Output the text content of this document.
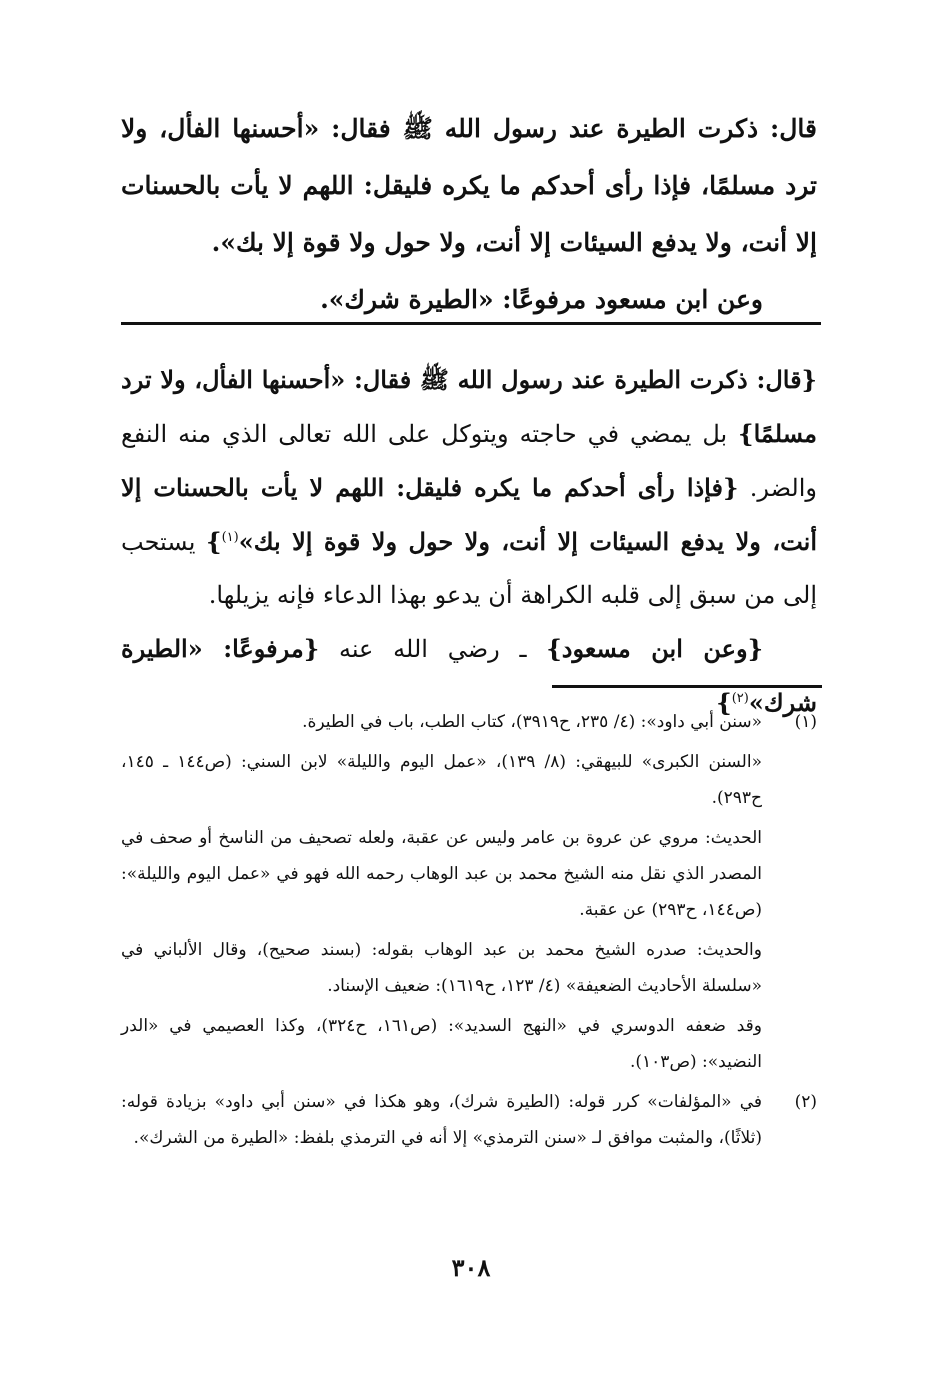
قال: ذكرت الطيرة عند رسول الله ﷺ فقال: «أحسنها الفأل، ولا ترد مسلمًا، فإذا رأى أحدكم ما يكره فليقل: اللهم لا يأت بالحسنات إلا أنت، ولا يدفع السيئات إلا أنت، ولا حول ولا قوة إلا بك».

وعن ابن مسعود مرفوعًا: «الطيرة شرك».

{قال: ذكرت الطيرة عند رسول الله ﷺ فقال: «أحسنها الفأل، ولا ترد مسلمًا} بل يمضي في حاجته ويتوكل على الله تعالى الذي منه النفع والضر. {فإذا رأى أحدكم ما يكره فليقل: اللهم لا يأت بالحسنات إلا أنت، ولا يدفع السيئات إلا أنت، ولا حول ولا قوة إلا بك»$^{(١)}$} يستحب إلى من سبق إلى قلبه الكراهة أن يدعو بهذا الدعاء فإنه يزيلها.

{وعن ابن مسعود} ـ رضي الله عنه {مرفوعًا: «الطيرة شرك»$^{(٢)}$}

(١)

«سنن أبي داود»: (٤/ ٢٣٥، ح٣٩١٩)، كتاب الطب، باب في الطيرة.

«السنن الكبرى» للبيهقي: (٨/ ١٣٩)، «عمل اليوم والليلة» لابن السني: (ص١٤٤ ـ ١٤٥، ح٢٩٣).

الحديث: مروي عن عروة بن عامر وليس عن عقبة، ولعله تصحيف من الناسخ أو صحف في المصدر الذي نقل منه الشيخ محمد بن عبد الوهاب رحمه الله فهو في «عمل اليوم والليلة»: (ص١٤٤، ح٢٩٣) عن عقبة.

والحديث: صدره الشيخ محمد بن عبد الوهاب بقوله: (بسند صحيح)، وقال الألباني في «سلسلة الأحاديث الضعيفة» (٤/ ١٢٣، ح١٦١٩): ضعيف الإسناد.

وقد ضعفه الدوسري في «النهج السديد»: (ص١٦١، ح٣٢٤)، وكذا العصيمي في «الدر النضيد»: (ص١٠٣).

(٢)

في «المؤلفات» كرر قوله: (الطيرة شرك)، وهو هكذا في «سنن أبي داود» بزيادة قوله: (ثلاثًا)، والمثبت موافق لـ «سنن الترمذي» إلا أنه في الترمذي بلفظ: «الطيرة من الشرك».

٣٠٨
